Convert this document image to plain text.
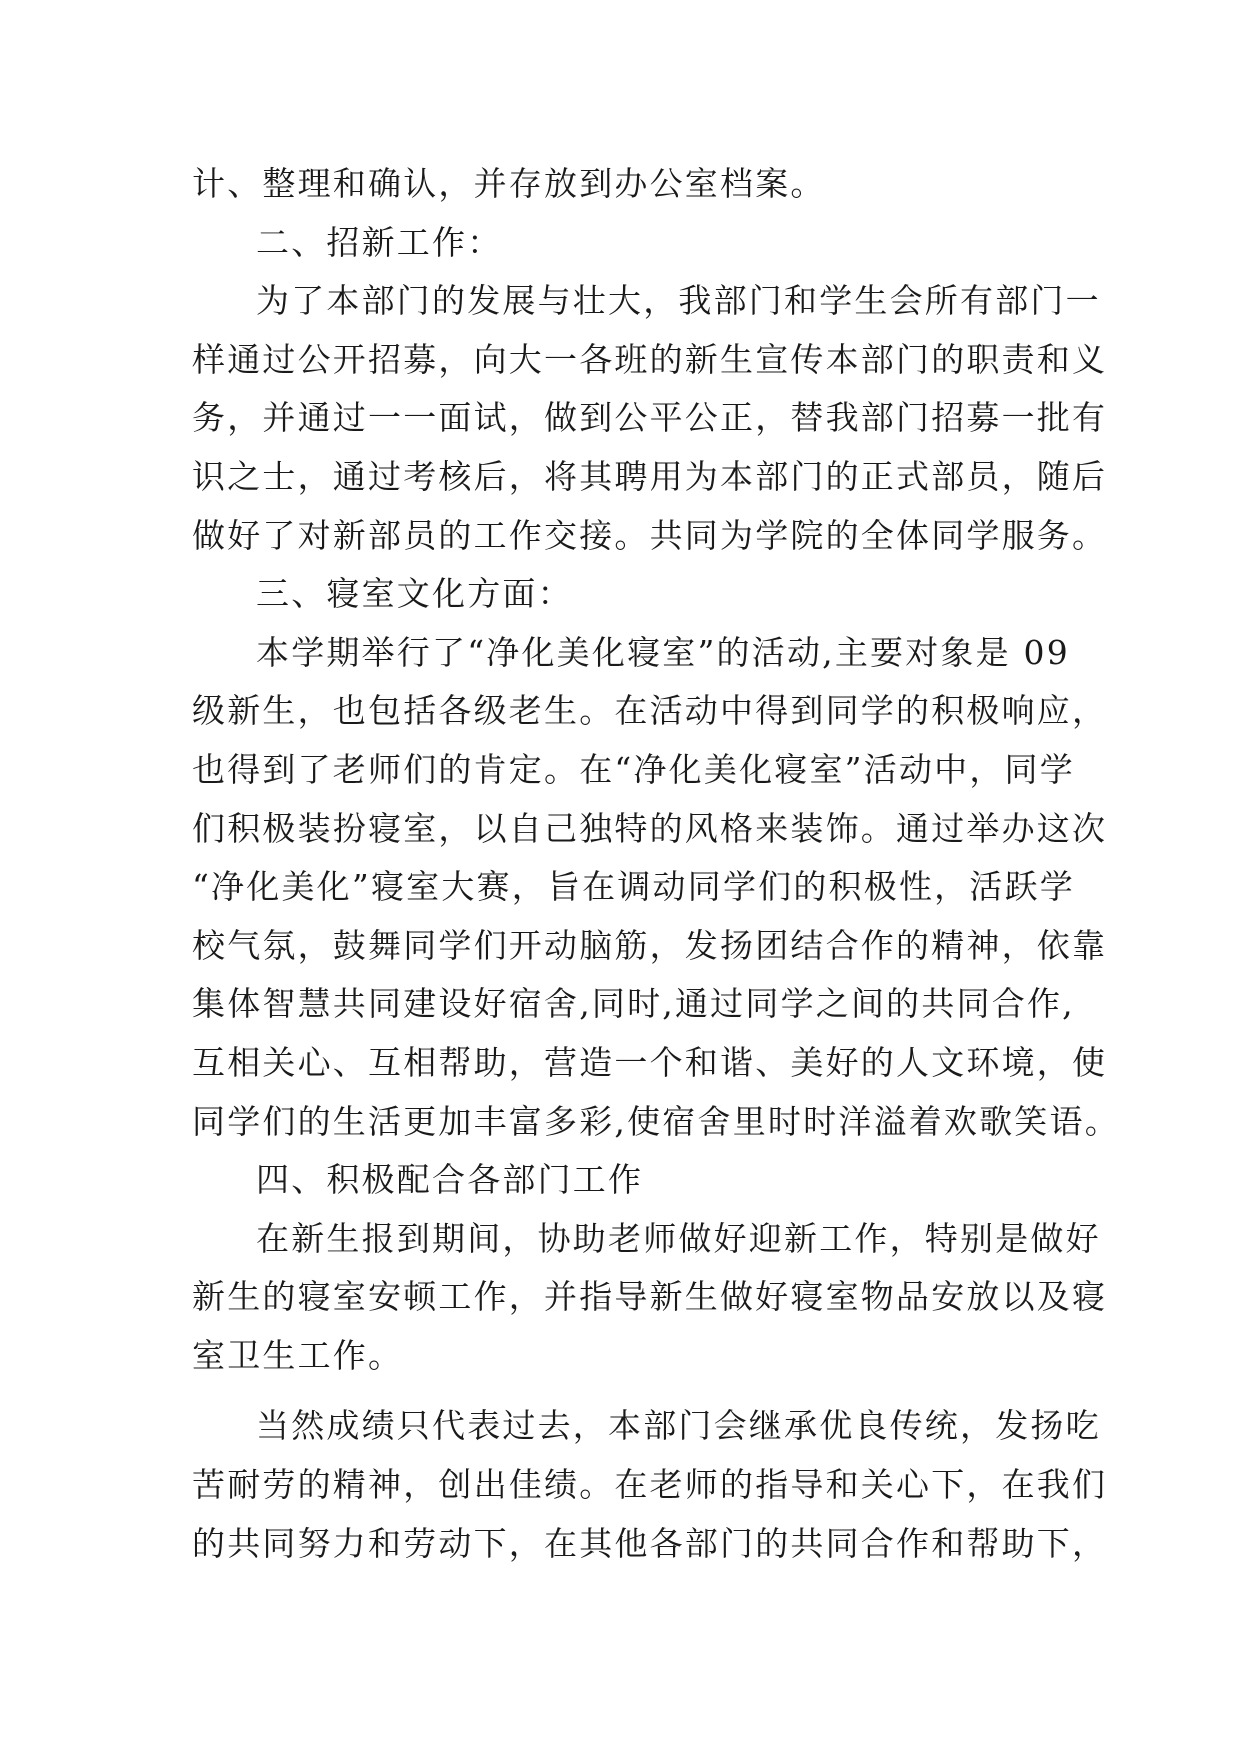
计、整理和确认，并存放到办公室档案。
二、招新工作：
为了本部门的发展与壮大，我部门和学生会所有部门一
样通过公开招募，向大一各班的新生宣传本部门的职责和义
务，并通过一一面试，做到公平公正，替我部门招募一批有
识之士，通过考核后，将其聘用为本部门的正式部员，随后
做好了对新部员的工作交接。共同为学院的全体同学服务。
三、寝室文化方面：
本学期举行了“净化美化寝室”的活动,主要对象是 09
级新生，也包括各级老生。在活动中得到同学的积极响应，
也得到了老师们的肯定。在“净化美化寝室”活动中，同学
们积极装扮寝室，以自己独特的风格来装饰。通过举办这次
“净化美化”寝室大赛，旨在调动同学们的积极性，活跃学
校气氛，鼓舞同学们开动脑筋，发扬团结合作的精神，依靠
集体智慧共同建设好宿舍,同时,通过同学之间的共同合作,
互相关心、互相帮助，营造一个和谐、美好的人文环境，使
同学们的生活更加丰富多彩,使宿舍里时时洋溢着欢歌笑语。
四、积极配合各部门工作
在新生报到期间，协助老师做好迎新工作，特别是做好
新生的寝室安顿工作，并指导新生做好寝室物品安放以及寝
室卫生工作。
当然成绩只代表过去，本部门会继承优良传统，发扬吃
苦耐劳的精神，创出佳绩。在老师的指导和关心下，在我们
的共同努力和劳动下，在其他各部门的共同合作和帮助下，
